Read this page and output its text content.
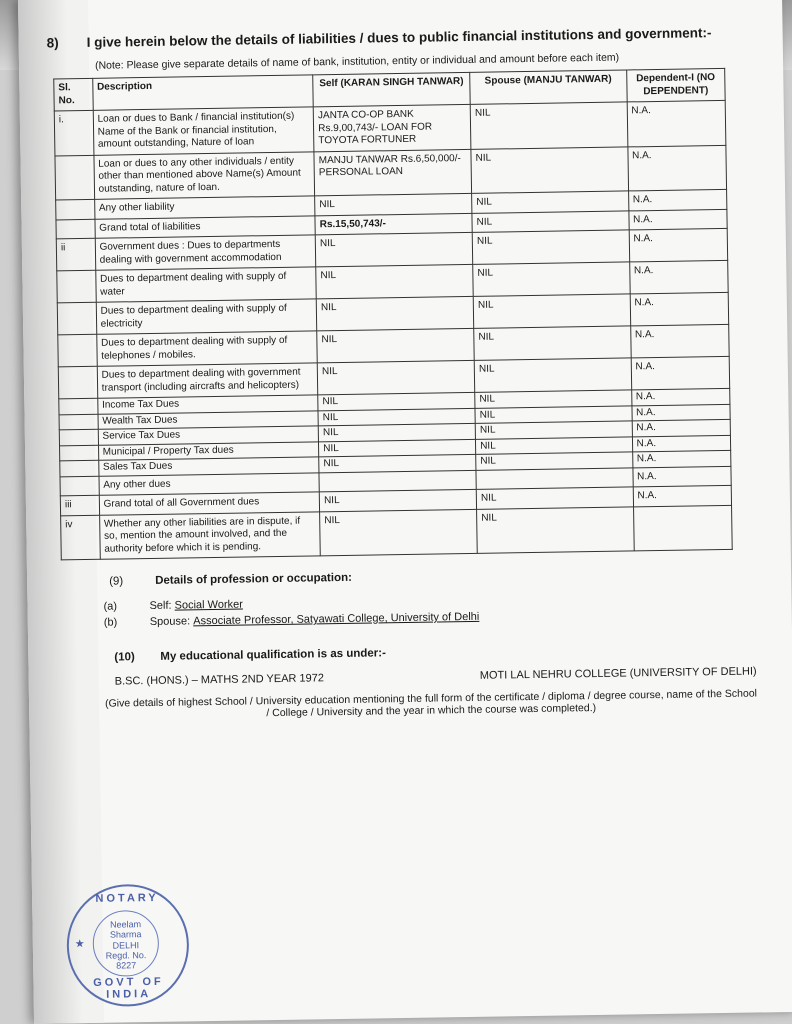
8)	I give herein below the details of liabilities / dues to public financial institutions and government:-
(Note: Please give separate details of name of bank, institution, entity or individual and amount before each item)
Sl. No.	Description	Self (KARAN SINGH TANWAR)	Spouse (MANJU TANWAR)	Dependent-I (NO DEPENDENT)
i.	Loan or dues to Bank / financial institution(s) Name of the Bank or financial institution, amount outstanding, Nature of loan	JANTA CO-OP BANK Rs.9,00,743/- LOAN FOR TOYOTA FORTUNER	NIL	N.A.
	Loan or dues to any other individuals / entity other than mentioned above Name(s) Amount outstanding, nature of loan.	MANJU TANWAR Rs.6,50,000/- PERSONAL LOAN	NIL	N.A.
	Any other liability	NIL	NIL	N.A.
	Grand total of liabilities	Rs.15,50,743/-	NIL	N.A.
ii	Government dues : Dues to departments dealing with government accommodation	NIL	NIL	N.A.
	Dues to department dealing with supply of water	NIL	NIL	N.A.
	Dues to department dealing with supply of electricity	NIL	NIL	N.A.
	Dues to department dealing with supply of telephones / mobiles.	NIL	NIL	N.A.
	Dues to department dealing with government transport (including aircrafts and helicopters)	NIL	NIL	N.A.
	Income Tax Dues	NIL	NIL	N.A.
	Wealth Tax Dues	NIL	NIL	N.A.
	Service Tax Dues	NIL	NIL	N.A.
	Municipal / Property Tax dues	NIL	NIL	N.A.
	Sales Tax Dues	NIL	NIL	N.A.
	Any other dues			N.A.
iii	Grand total of all Government dues	NIL	NIL	N.A.
iv	Whether any other liabilities are in dispute, if so, mention the amount involved, and the authority before which it is pending.	NIL	NIL	
(9)	Details of profession or occupation:
(a)	Self:
Social Worker
(b)	Spouse:
Associate Professor, Satyawati College, University of Delhi
(10)	My educational qualification is as under:-
B.SC. (HONS.) – MATHS 2ND YEAR 1972	MOTI LAL NEHRU COLLEGE (UNIVERSITY OF DELHI)
(Give details of highest School / University education mentioning the full form of the certificate / diploma / degree course, name of the School / College / University and the year in which the course was completed.)
NOTARY
★
Neelam Sharma
DELHI
Regd. No.
8227
GOVT OF INDIA
